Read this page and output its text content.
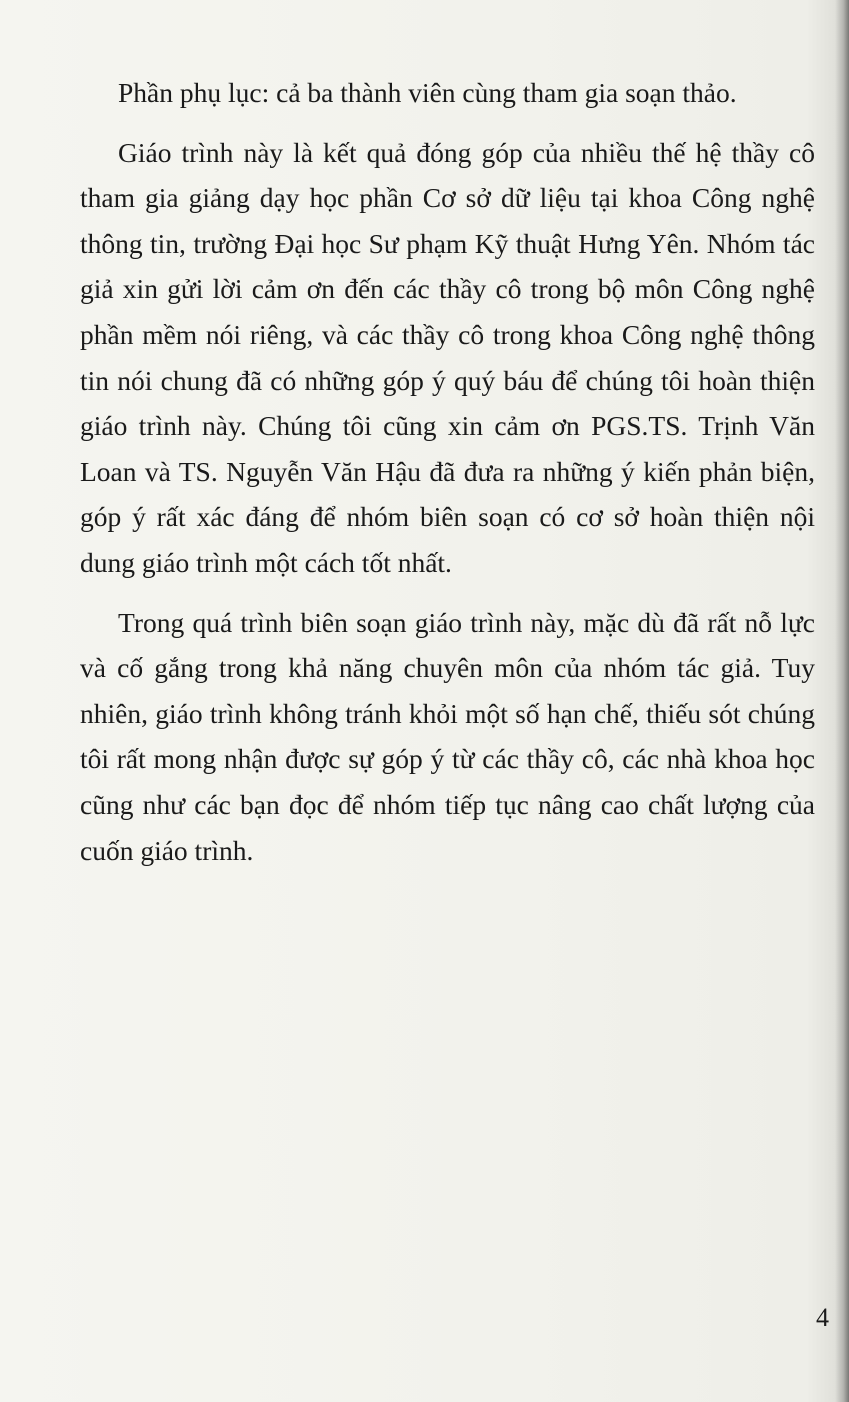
Phần phụ lục: cả ba thành viên cùng tham gia soạn thảo.

Giáo trình này là kết quả đóng góp của nhiều thế hệ thầy cô tham gia giảng dạy học phần Cơ sở dữ liệu tại khoa Công nghệ thông tin, trường Đại học Sư phạm Kỹ thuật Hưng Yên. Nhóm tác giả xin gửi lời cảm ơn đến các thầy cô trong bộ môn Công nghệ phần mềm nói riêng, và các thầy cô trong khoa Công nghệ thông tin nói chung đã có những góp ý quý báu để chúng tôi hoàn thiện giáo trình này. Chúng tôi cũng xin cảm ơn PGS.TS. Trịnh Văn Loan và TS. Nguyễn Văn Hậu đã đưa ra những ý kiến phản biện, góp ý rất xác đáng để nhóm biên soạn có cơ sở hoàn thiện nội dung giáo trình một cách tốt nhất.

Trong quá trình biên soạn giáo trình này, mặc dù đã rất nỗ lực và cố gắng trong khả năng chuyên môn của nhóm tác giả. Tuy nhiên, giáo trình không tránh khỏi một số hạn chế, thiếu sót chúng tôi rất mong nhận được sự góp ý từ các thầy cô, các nhà khoa học cũng như các bạn đọc để nhóm tiếp tục nâng cao chất lượng của cuốn giáo trình.

4
